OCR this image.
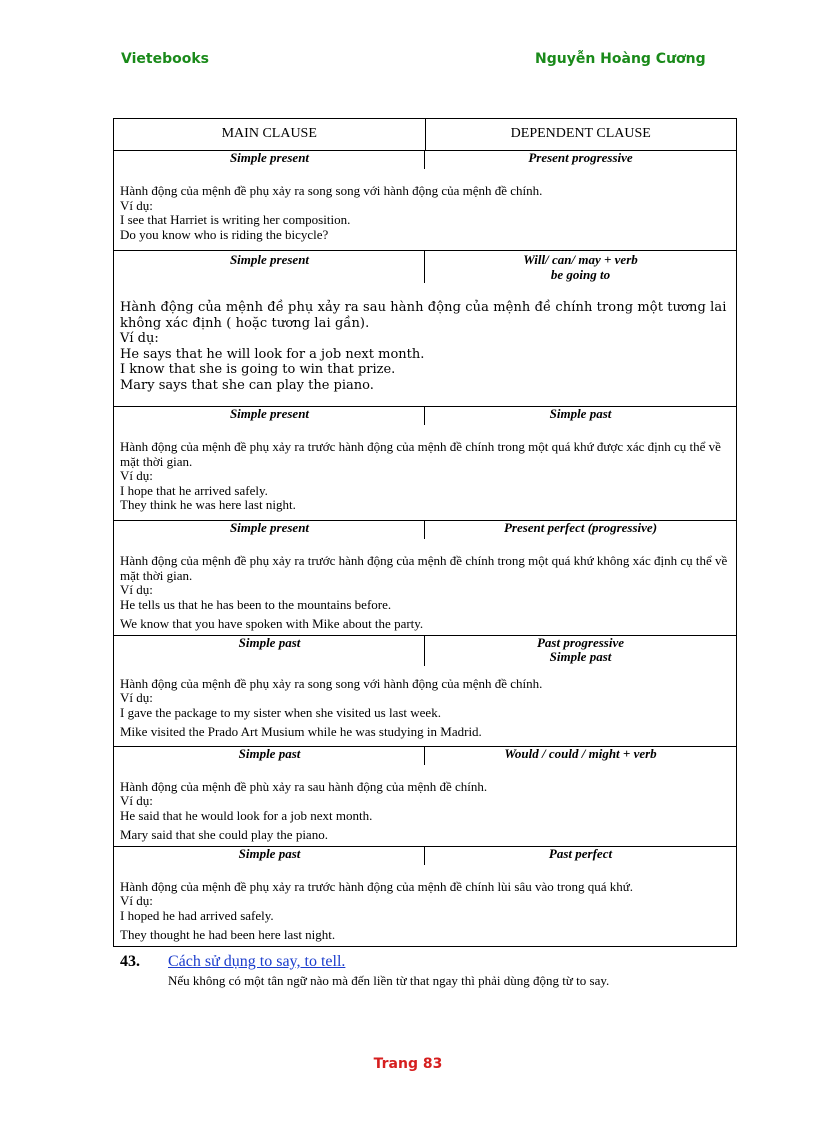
Vietebooks	Nguyễn Hoàng Cương
MAIN CLAUSE	DEPENDENT CLAUSE

Simple present	Present progressive
Hành động của mệnh đề phụ xảy ra song song với hành động của mệnh đề chính.
Ví dụ:
I see that Harriet is writing her composition.
Do you know who is riding the bicycle?

Simple present	Will/ can/ may + verb
be going to
Hành động của mệnh đề phụ xảy ra sau hành động của mệnh đề chính trong một tương lai không xác định ( hoặc tương lai gần).
Ví dụ:
He says that he will look for a job next month.
I know that she is going to win that prize.
Mary says that she can play the piano.

Simple present	Simple past
Hành động của mệnh đề phụ xảy ra trước hành động của mệnh đề chính trong một quá khứ được xác định cụ thể về mặt thời gian.
Ví dụ:
I hope that he arrived safely.
They think he was here last night.

Simple present	Present perfect (progressive)
Hành động của mệnh đề phụ xảy ra trước hành động của mệnh đề chính trong một quá khứ không xác định cụ thể về mặt thời gian.
Ví dụ:
He tells us that he has been to the mountains before.
We know that you have spoken with Mike about the party.

Simple past	Past progressive
Simple past
Hành động của mệnh đề phụ xảy ra song song với hành động của mệnh đề chính.
Ví dụ:
I gave the package to my sister when she visited us last week.
Mike visited the Prado Art Musium while he was studying in Madrid.

Simple past	Would / could / might + verb
Hành động của mệnh đề phù xảy ra sau hành động của mệnh đề chính.
Ví dụ:
He said that he would look for a job next month.
Mary said that she could play the piano.

Simple past	Past perfect
Hành động của mệnh đề phụ xảy ra trước hành động của mệnh đề chính lùi sâu vào trong quá khứ.
Ví dụ:
I hoped he had arrived safely.
They thought he had been here last night.
43. Cách sử dụng to say, to tell.
Nếu không có một tân ngữ nào mà đến liền từ that ngay thì phải dùng động từ to say.
Trang 83
